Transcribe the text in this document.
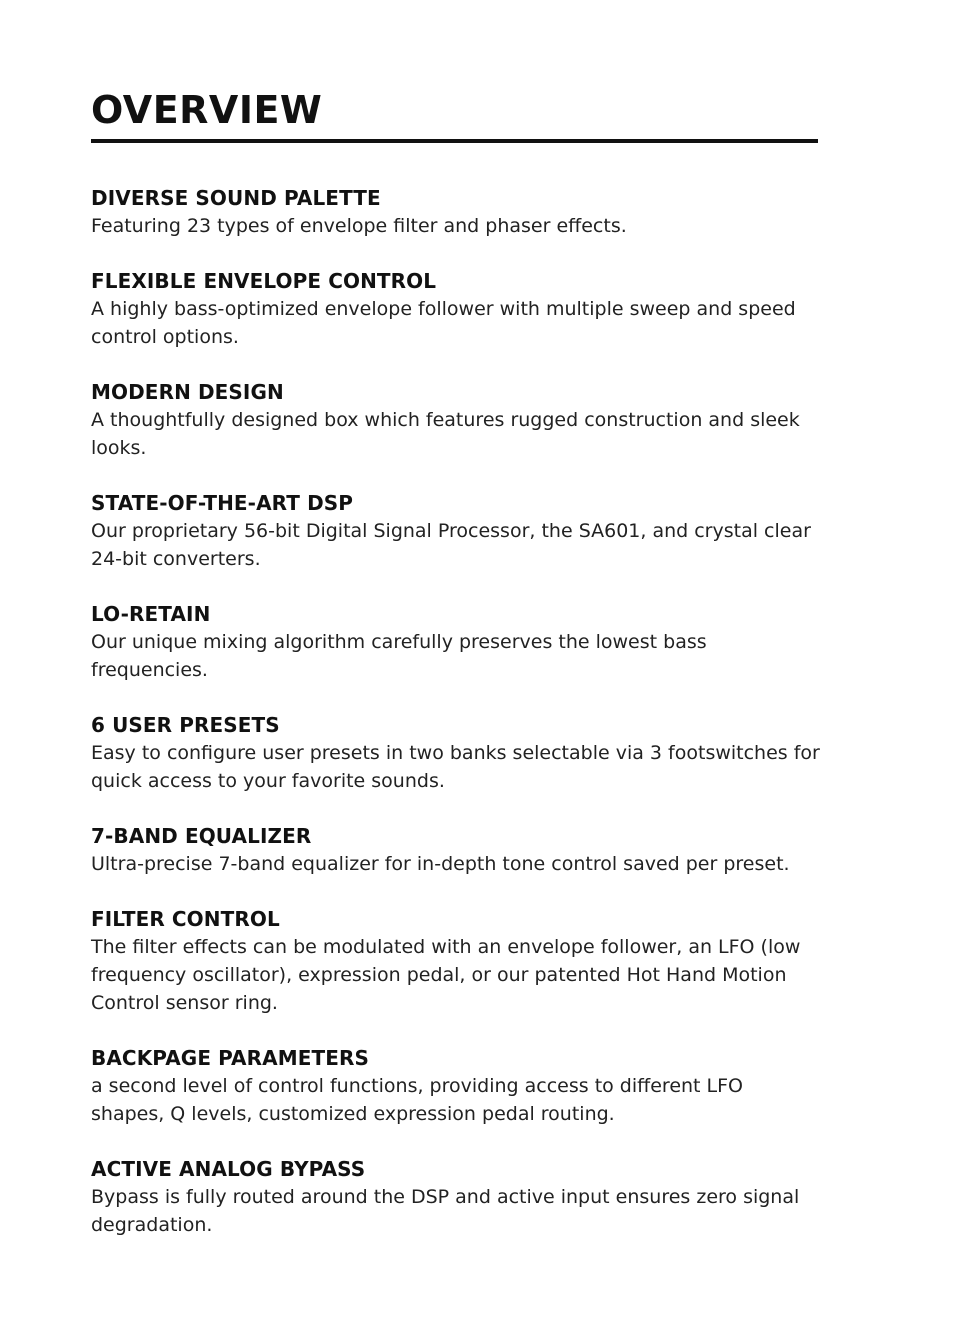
OVERVIEW
DIVERSE SOUND PALETTE
Featuring 23 types of envelope filter and phaser effects.
FLEXIBLE ENVELOPE CONTROL
A highly bass-optimized envelope follower with multiple sweep and speed control options.
MODERN DESIGN
A thoughtfully designed box which features rugged construction and sleek looks.
STATE-OF-THE-ART DSP
Our proprietary 56-bit Digital Signal Processor, the SA601, and crystal clear 24-bit converters.
LO-RETAIN
Our unique mixing algorithm carefully preserves the lowest bass frequencies.
6 USER PRESETS
Easy to configure user presets in two banks selectable via 3 footswitches for quick access to your favorite sounds.
7-BAND EQUALIZER
Ultra-precise 7-band equalizer for in-depth tone control saved per preset.
FILTER CONTROL
The filter effects can be modulated with an envelope follower, an LFO (low frequency oscillator), expression pedal, or our patented Hot Hand Motion Control sensor ring.
BACKPAGE PARAMETERS
a second level of control functions, providing access to different LFO shapes, Q levels, customized expression pedal routing.
ACTIVE ANALOG BYPASS
Bypass is fully routed around the DSP and active input ensures zero signal degradation.
